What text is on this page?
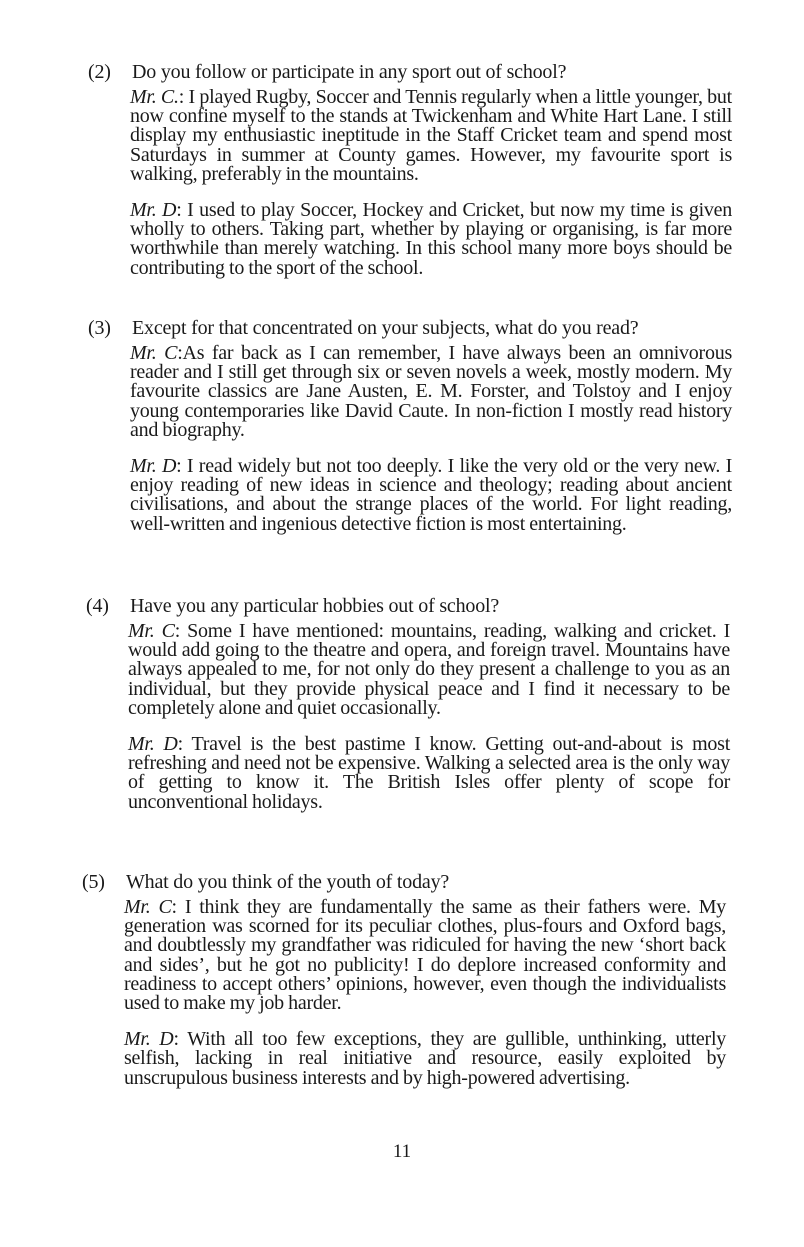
(2)	Do you follow or participate in any sport out of school?
Mr. C.: I played Rugby, Soccer and Tennis regularly when a little younger, but now confine myself to the stands at Twickenham and White Hart Lane. I still display my enthusiastic ineptitude in the Staff Cricket team and spend most Saturdays in summer at County games. However, my favourite sport is walking, preferably in the mountains.
Mr. D: I used to play Soccer, Hockey and Cricket, but now my time is given wholly to others. Taking part, whether by playing or organising, is far more worthwhile than merely watching. In this school many more boys should be contributing to the sport of the school.
(3)	Except for that concentrated on your subjects, what do you read?
Mr. C:As far back as I can remember, I have always been an omnivorous reader and I still get through six or seven novels a week, mostly modern. My favourite classics are Jane Austen, E. M. Forster, and Tolstoy and I enjoy young contemporaries like David Caute. In non-fiction I mostly read history and biography.
Mr. D: I read widely but not too deeply. I like the very old or the very new. I enjoy reading of new ideas in science and theology; reading about ancient civilisations, and about the strange places of the world. For light reading, well-written and ingenious detective fiction is most entertaining.
(4)	Have you any particular hobbies out of school?
Mr. C: Some I have mentioned: mountains, reading, walking and cricket. I would add going to the theatre and opera, and foreign travel. Mountains have always appealed to me, for not only do they present a challenge to you as an individual, but they provide physical peace and I find it necessary to be completely alone and quiet occasionally.
Mr. D: Travel is the best pastime I know. Getting out-and-about is most refreshing and need not be expensive. Walking a selected area is the only way of getting to know it. The British Isles offer plenty of scope for unconventional holidays.
(5)	What do you think of the youth of today?
Mr. C: I think they are fundamentally the same as their fathers were. My generation was scorned for its peculiar clothes, plus-fours and Oxford bags, and doubtlessly my grandfather was ridiculed for having the new ‘short back and sides’, but he got no publicity! I do deplore increased conformity and readiness to accept others’ opinions, however, even though the individualists used to make my job harder.
Mr. D: With all too few exceptions, they are gullible, unthinking, utterly selfish, lacking in real initiative and resource, easily exploited by unscrupulous business interests and by high-powered advertising.
11
